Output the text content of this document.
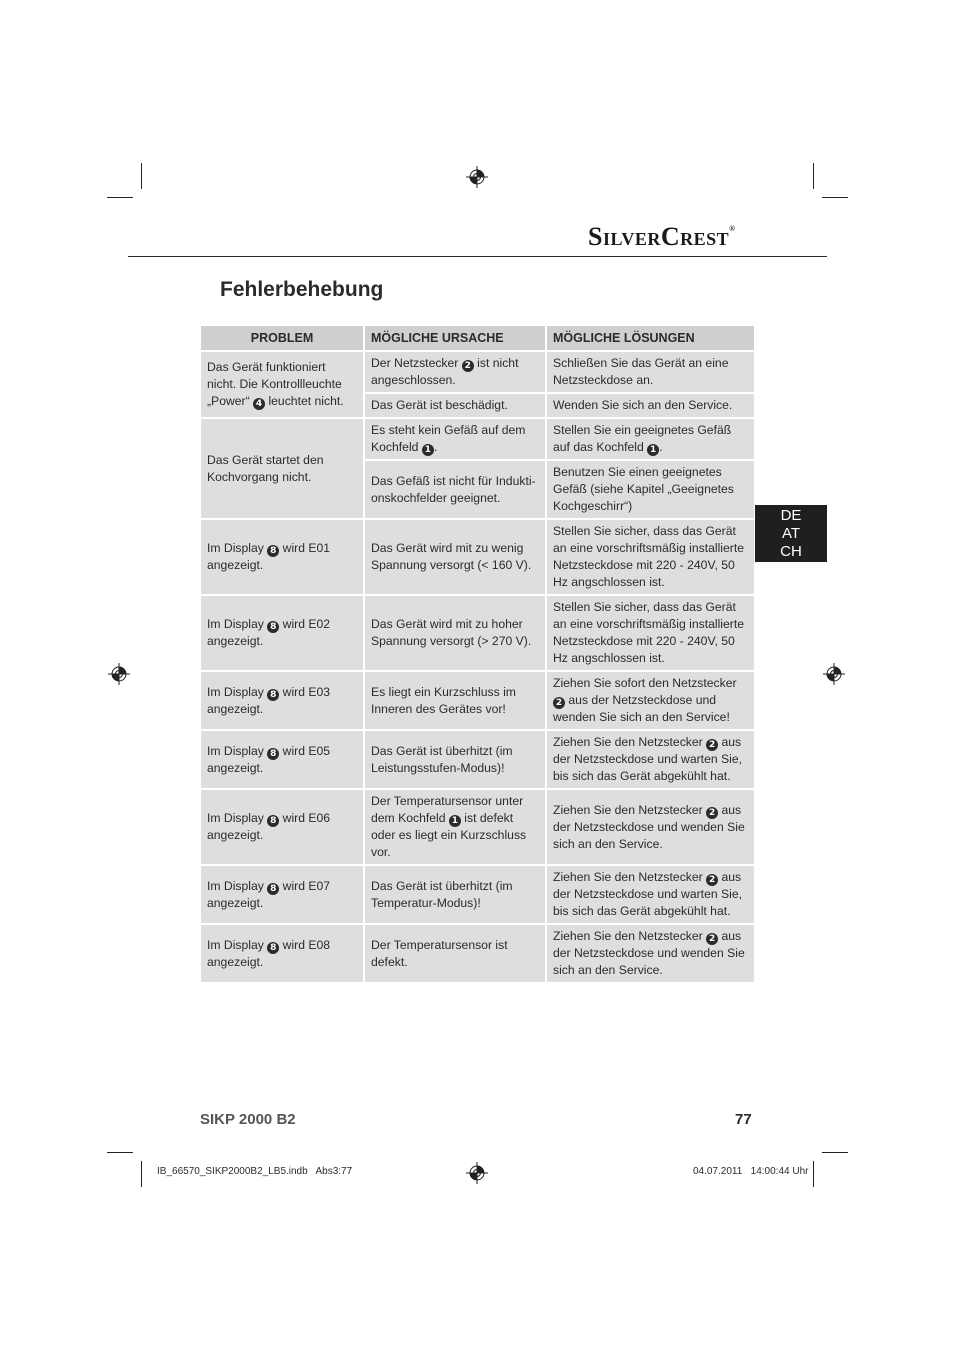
SilverCrest®
Fehlerbehebung
PROBLEM	MÖGLICHE URSACHE	MÖGLICHE LÖSUNGEN
Das Gerät funktioniert nicht. Die Kontrollleuchte „Power“ 4 leuchtet nicht.	Der Netzstecker 2 ist nicht angeschlossen.	Schließen Sie das Gerät an eine Netzsteckdose an.
	Das Gerät ist beschädigt.	Wenden Sie sich an den Service.
Das Gerät startet den Kochvorgang nicht.	Es steht kein Gefäß auf dem Kochfeld 1 .	Stellen Sie ein geeignetes Gefäß auf das Kochfeld 1 .
	Das Gefäß ist nicht für Indukti-onskochfelder geeignet.	Benutzen Sie einen geeignetes Gefäß (siehe Kapitel „Geeignetes Kochgeschirr“)
Im Display 8 wird E01 angezeigt.	Das Gerät wird mit zu wenig Spannung versorgt (< 160 V).	Stellen Sie sicher, dass das Gerät an eine vorschriftsmäßig installierte Netzsteckdose mit 220 - 240V, 50 Hz angschlossen ist.
Im Display 8 wird E02 angezeigt.	Das Gerät wird mit zu hoher Spannung versorgt (> 270 V).	Stellen Sie sicher, dass das Gerät an eine vorschriftsmäßig installierte Netzsteckdose mit 220 - 240V, 50 Hz angschlossen ist.
Im Display 8 wird E03 angezeigt.	Es liegt ein Kurzschluss im Inneren des Gerätes vor!	Ziehen Sie sofort den Netzstecker 2 aus der Netzsteckdose und wenden Sie sich an den Service!
Im Display 8 wird E05 angezeigt.	Das Gerät ist überhitzt (im Leistungsstufen-Modus)!	Ziehen Sie den Netzstecker 2 aus der Netzsteckdose und warten Sie, bis sich das Gerät abgekühlt hat.
Im Display 8 wird E06 angezeigt.	Der Temperatursensor unter dem Kochfeld 1 ist defekt oder es liegt ein Kurzschluss vor.	Ziehen Sie den Netzstecker 2 aus der Netzsteckdose und wenden Sie sich an den Service.
Im Display 8 wird E07 angezeigt.	Das Gerät ist überhitzt (im Temperatur-Modus)!	Ziehen Sie den Netzstecker 2 aus der Netzsteckdose und warten Sie, bis sich das Gerät abgekühlt hat.
Im Display 8 wird E08 angezeigt.	Der Temperatursensor ist defekt.	Ziehen Sie den Netzstecker 2 aus der Netzsteckdose und wenden Sie sich an den Service.
DE
AT
CH
SIKP 2000 B2	77
IB_66570_SIKP2000B2_LB5.indb   Abs3:77	04.07.2011   14:00:44 Uhr
